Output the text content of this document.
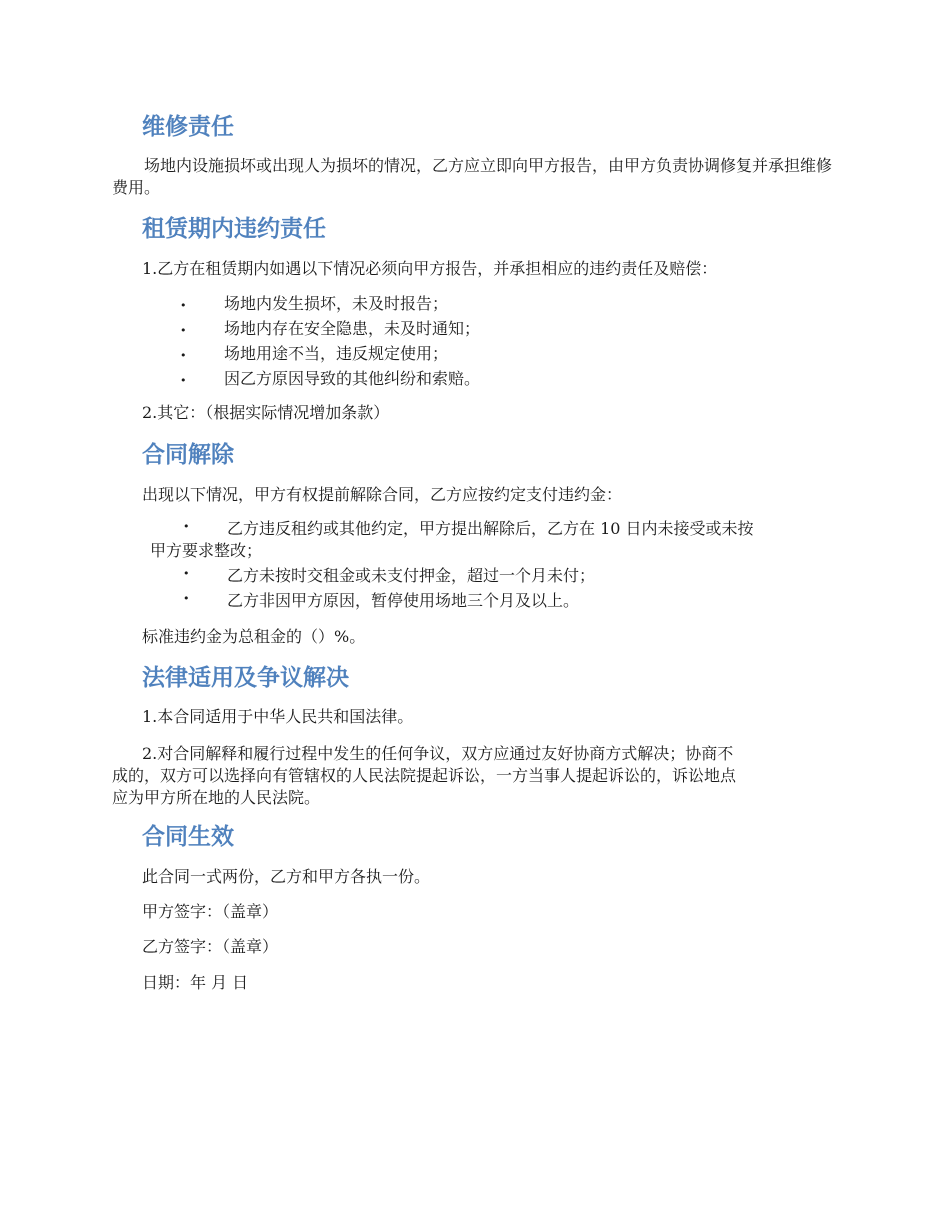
维修责任

场地内设施损坏或出现人为损坏的情况，乙方应立即向甲方报告，由甲方负责协调修复并承担维修费用。

租赁期内违约责任

1.乙方在租赁期内如遇以下情况必须向甲方报告，并承担相应的违约责任及赔偿：

• 场地内发生损坏，未及时报告；
• 场地内存在安全隐患，未及时通知；
• 场地用途不当，违反规定使用；
• 因乙方原因导致的其他纠纷和索赔。

2.其它：（根据实际情况增加条款）

合同解除

出现以下情况，甲方有权提前解除合同，乙方应按约定支付违约金：

• 乙方违反租约或其他约定，甲方提出解除后，乙方在 10 日内未接受或未按
甲方要求整改；
• 乙方未按时交租金或未支付押金，超过一个月未付；
• 乙方非因甲方原因，暂停使用场地三个月及以上。

标准违约金为总租金的（）%。

法律适用及争议解决

1.本合同适用于中华人民共和国法律。

2.对合同解释和履行过程中发生的任何争议，双方应通过友好协商方式解决；协商不

成的，双方可以选择向有管辖权的人民法院提起诉讼，一方当事人提起诉讼的，诉讼地点

应为甲方所在地的人民法院。

合同生效

此合同一式两份，乙方和甲方各执一份。

甲方签字：（盖章）

乙方签字：（盖章）

日期：年 月 日
